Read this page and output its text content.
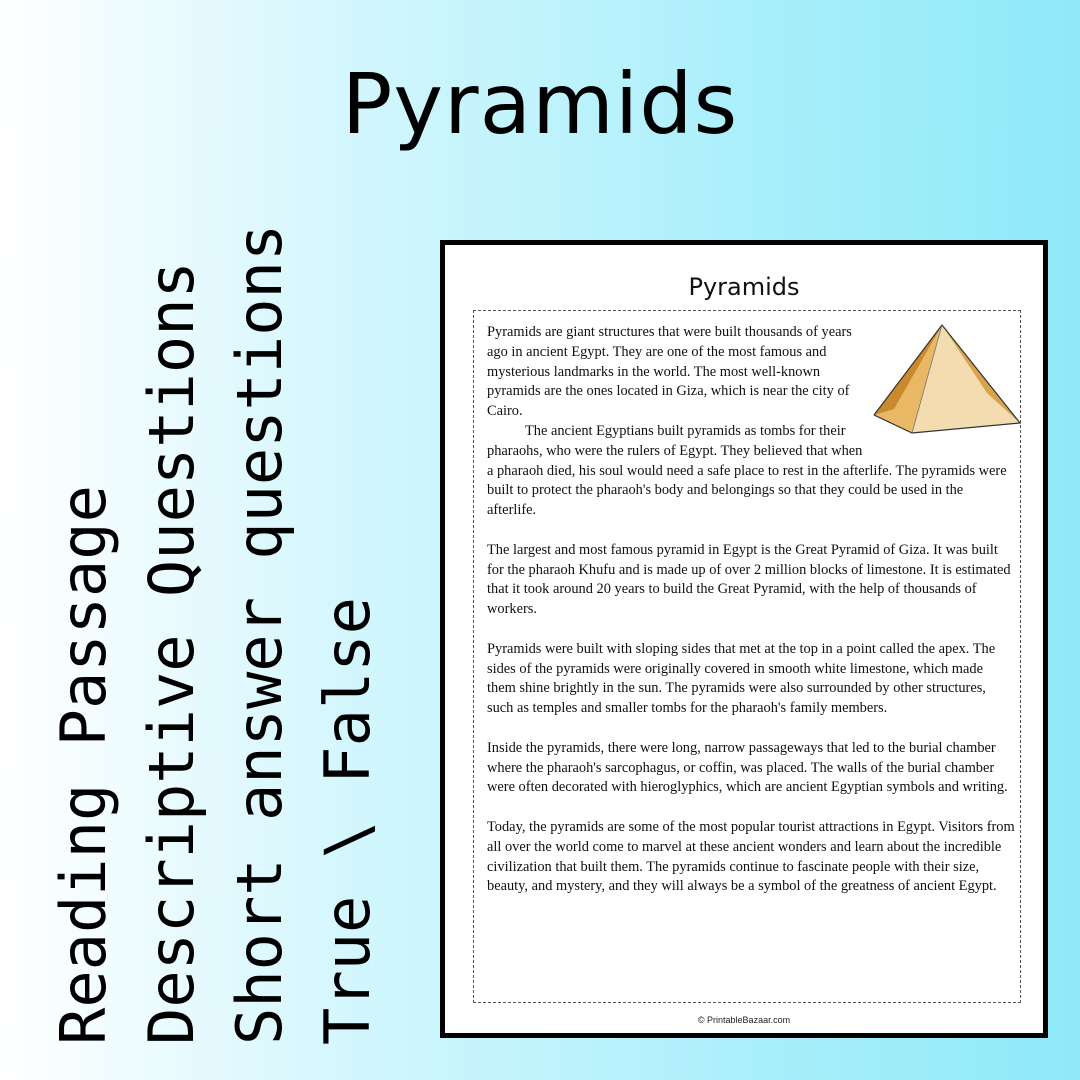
Pyramids
Reading Passage Descriptive Questions Short answer questions True \ False
Pyramids

Pyramids are giant structures that were built thousands of years ago in ancient Egypt. They are one of the most famous and mysterious landmarks in the world. The most well-known pyramids are the ones located in Giza, which is near the city of Cairo.
The ancient Egyptians built pyramids as tombs for their pharaohs, who were the rulers of Egypt. They believed that when a pharaoh died, his soul would need a safe place to rest in the afterlife. The pyramids were built to protect the pharaoh's body and belongings so that they could be used in the afterlife.

The largest and most famous pyramid in Egypt is the Great Pyramid of Giza. It was built for the pharaoh Khufu and is made up of over 2 million blocks of limestone. It is estimated that it took around 20 years to build the Great Pyramid, with the help of thousands of workers.

Pyramids were built with sloping sides that met at the top in a point called the apex. The sides of the pyramids were originally covered in smooth white limestone, which made them shine brightly in the sun. The pyramids were also surrounded by other structures, such as temples and smaller tombs for the pharaoh's family members.

Inside the pyramids, there were long, narrow passageways that led to the burial chamber where the pharaoh's sarcophagus, or coffin, was placed. The walls of the burial chamber were often decorated with hieroglyphics, which are ancient Egyptian symbols and writing.

Today, the pyramids are some of the most popular tourist attractions in Egypt. Visitors from all over the world come to marvel at these ancient wonders and learn about the incredible civilization that built them. The pyramids continue to fascinate people with their size, beauty, and mystery, and they will always be a symbol of the greatness of ancient Egypt.

© PrintableBazaar.com
